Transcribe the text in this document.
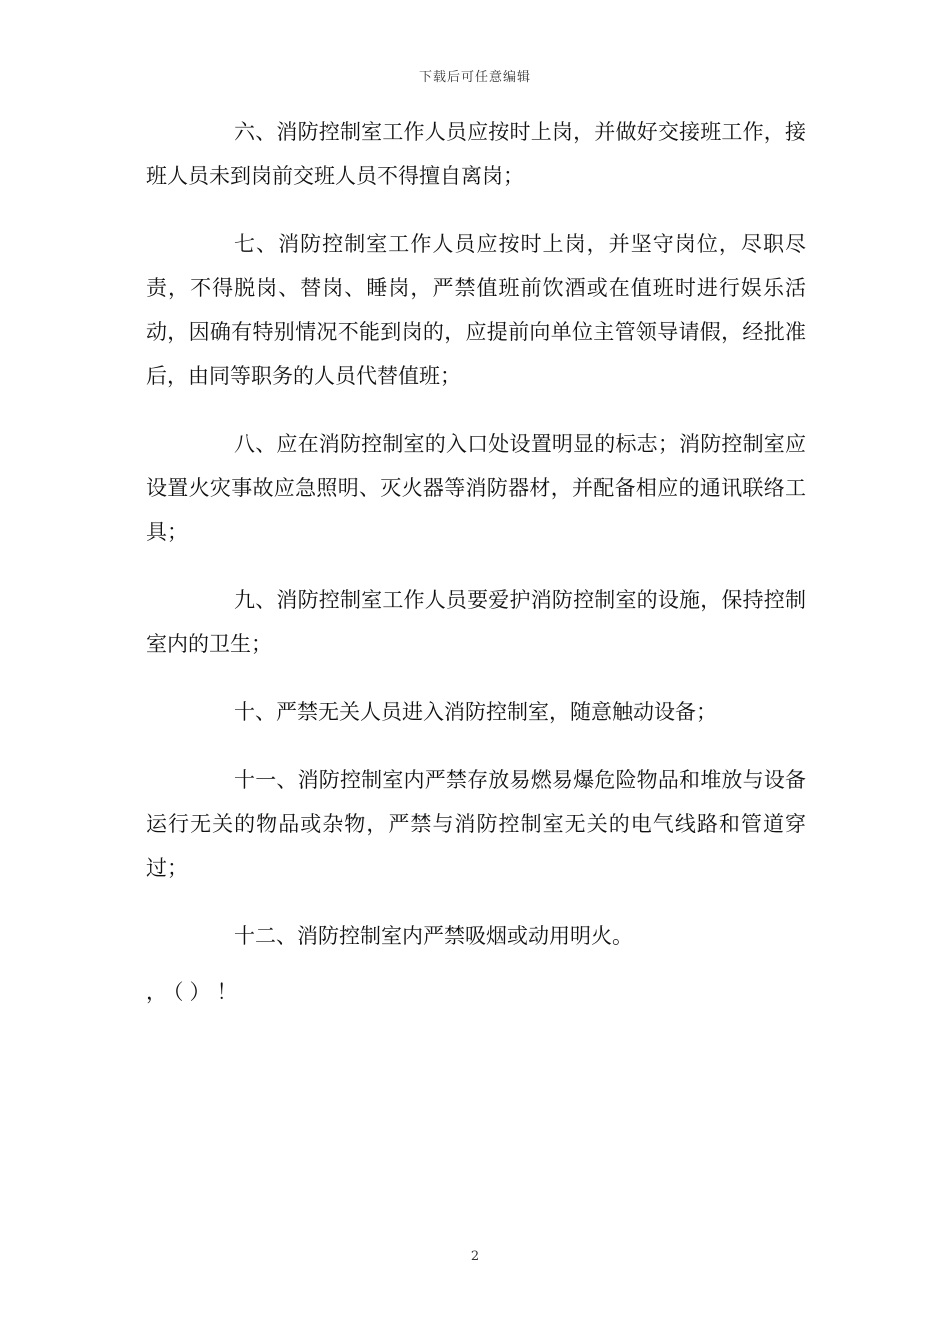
下载后可任意编辑

六、消防控制室工作人员应按时上岗，并做好交接班工作，接班人员未到岗前交班人员不得擅自离岗；

七、消防控制室工作人员应按时上岗，并坚守岗位，尽职尽责，不得脱岗、替岗、睡岗，严禁值班前饮酒或在值班时进行娱乐活动，因确有特别情况不能到岗的，应提前向单位主管领导请假，经批准后，由同等职务的人员代替值班；

八、应在消防控制室的入口处设置明显的标志；消防控制室应设置火灾事故应急照明、灭火器等消防器材，并配备相应的通讯联络工具；

九、消防控制室工作人员要爱护消防控制室的设施，保持控制室内的卫生；

十、严禁无关人员进入消防控制室，随意触动设备；

十一、消防控制室内严禁存放易燃易爆危险物品和堆放与设备运行无关的物品或杂物，严禁与消防控制室无关的电气线路和管道穿过；

十二、消防控制室内严禁吸烟或动用明火。

，（）！

2
